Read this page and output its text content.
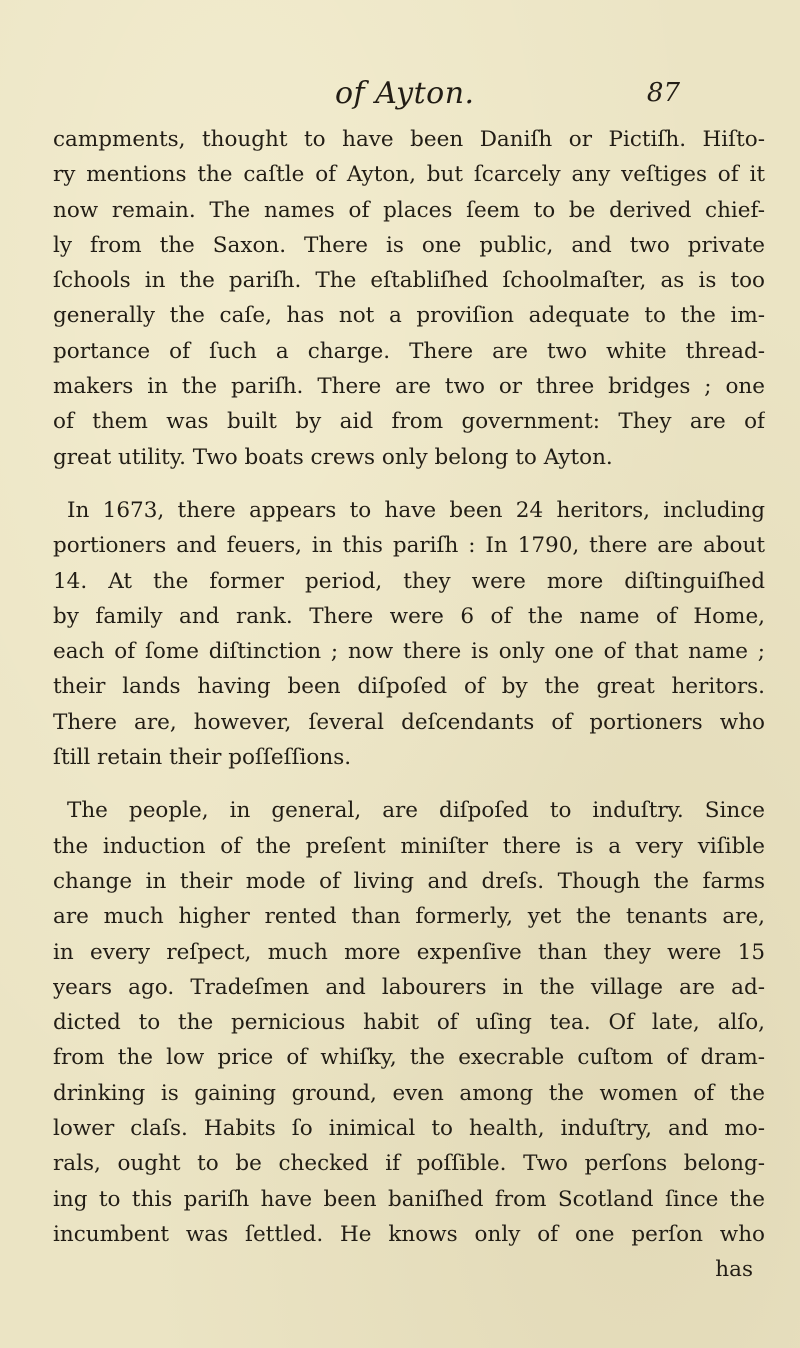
of Ayton.	87
campments, thought to have been Daniſh or Pictiſh. Hiſto-
ry mentions the caſtle of Ayton, but ſcarcely any veſtiges of it
now remain. The names of places ſeem to be derived chief-
ly from the Saxon. There is one public, and two private
ſchools in the pariſh. The eſtabliſhed ſchoolmaſter, as is too
generally the caſe, has not a proviſion adequate to the im-
portance of ſuch a charge. There are two white thread-
makers in the pariſh. There are two or three bridges ; one
of them was built by aid from government: They are of
great utility. Two boats crews only belong to Ayton.
In 1673, there appears to have been 24 heritors, including
portioners and feuers, in this pariſh : In 1790, there are about
14. At the former period, they were more diſtinguiſhed
by family and rank. There were 6 of the name of Home,
each of ſome diſtinction ; now there is only one of that name ;
their lands having been diſpoſed of by the great heritors.
There are, however, ſeveral deſcendants of portioners who
ſtill retain their poſſeſſions.
The people, in general, are diſpoſed to induſtry. Since
the induction of the preſent miniſter there is a very viſible
change in their mode of living and dreſs. Though the farms
are much higher rented than formerly, yet the tenants are,
in every reſpect, much more expenſive than they were 15
years ago. Tradeſmen and labourers in the village are ad-
dicted to the pernicious habit of uſing tea. Of late, alſo,
from the low price of whiſky, the execrable cuſtom of dram-
drinking is gaining ground, even among the women of the
lower claſs. Habits ſo inimical to health, induſtry, and mo-
rals, ought to be checked if poſſible. Two perſons belong-
ing to this pariſh have been baniſhed from Scotland ſince the
incumbent was ſettled. He knows only of one perſon who
has
